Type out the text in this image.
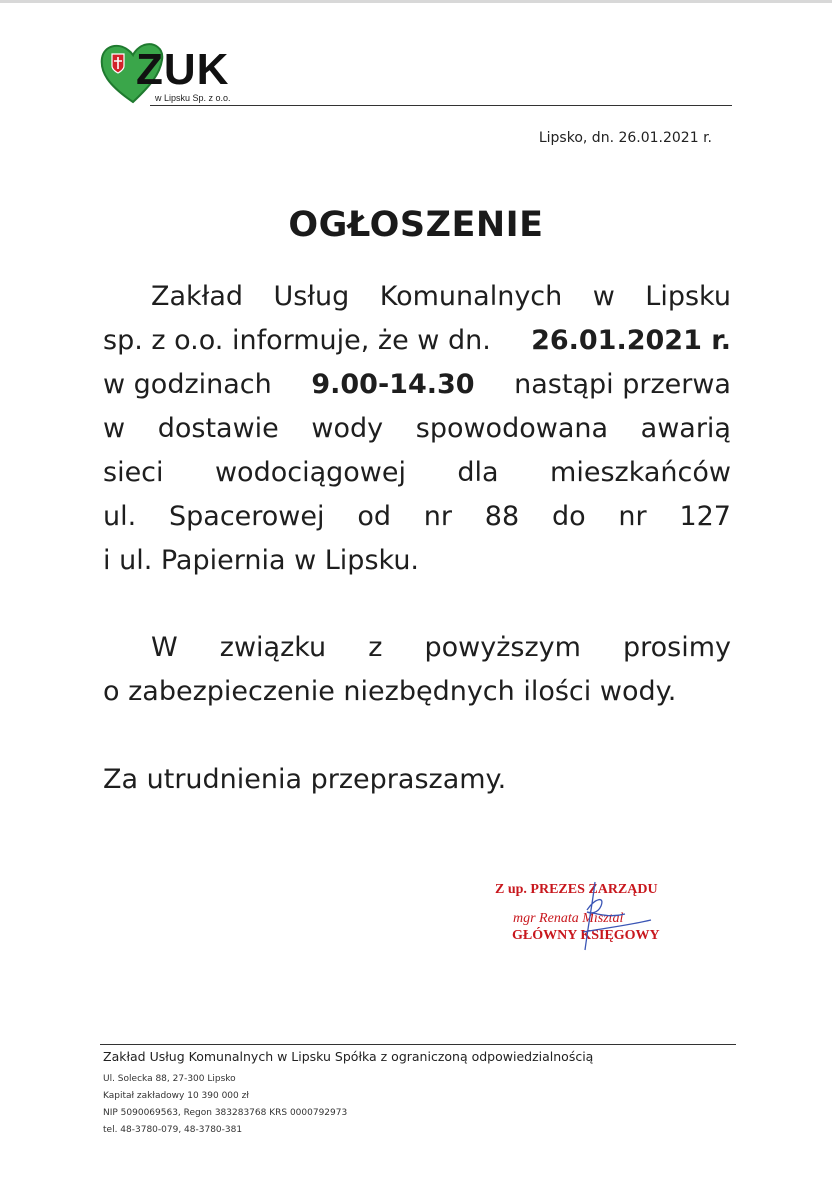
ZUK
w Lipsku Sp. z o.o.
Lipsko, dn. 26.01.2021 r.
OGŁOSZENIE
Zakład Usług Komunalnych w Lipsku
sp. z o.o. informuje, że w dn. 26.01.2021 r.
w godzinach 9.00-14.30 nastąpi przerwa
w dostawie wody spowodowana awarią
sieci wodociągowej dla mieszkańców
ul. Spacerowej od nr 88 do nr 127
i ul. Papiernia w Lipsku.
W związku z powyższym prosimy
o zabezpieczenie niezbędnych ilości wody.
Za utrudnienia przepraszamy.
Z up. PREZES ZARZĄDU
mgr Renata Misztal
GŁÓWNY KSIĘGOWY
Zakład Usług Komunalnych w Lipsku Spółka z ograniczoną odpowiedzialnością
Ul. Solecka 88, 27-300 Lipsko
Kapitał zakładowy 10 390 000 zł
NIP 5090069563, Regon 383283768 KRS 0000792973
tel. 48-3780-079, 48-3780-381
